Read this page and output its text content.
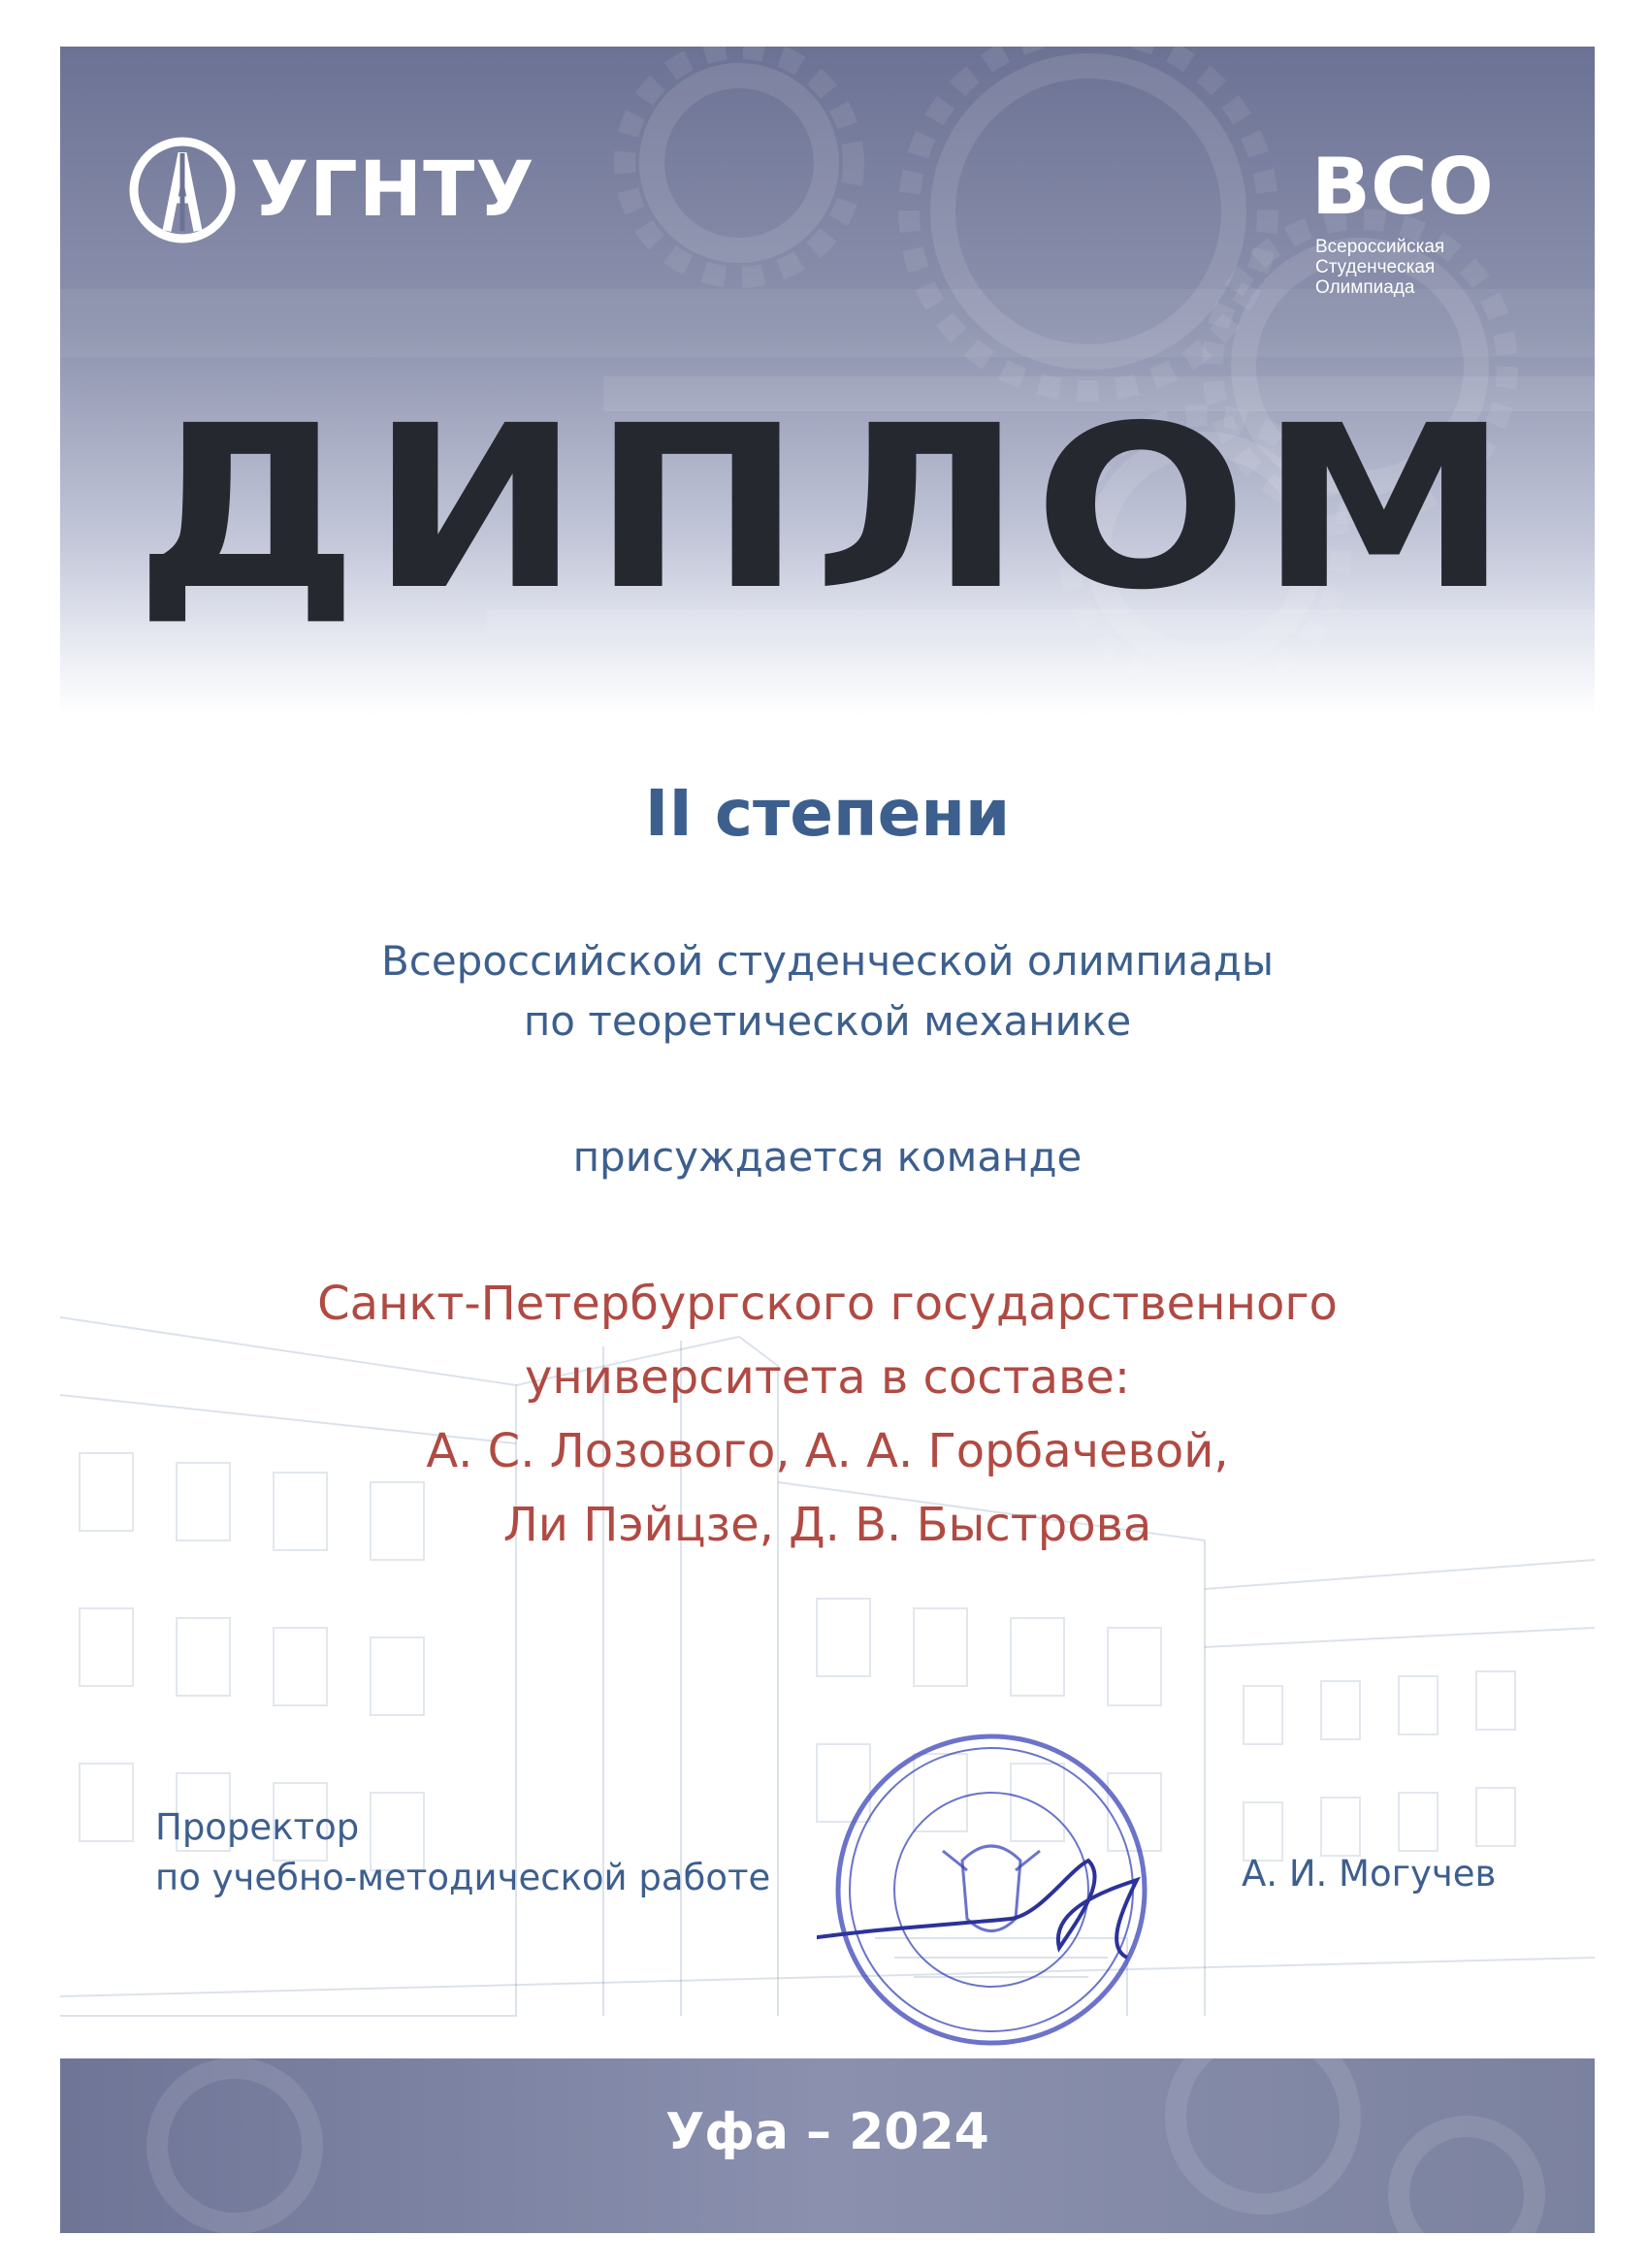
УГНТУ	ВСО
Всероссийская
Студенческая
Олимпиада
ДИПЛОМ
II степени
Всероссийской студенческой олимпиады
по теоретической механике
присуждается команде
Санкт-Петербургского государственного
университета в составе:
А. С. Лозового, А. А. Горбачевой,
Ли Пэйцзе, Д. В. Быстрова
Проректор
по учебно-методической работе	А. И. Могучев
Уфа – 2024
